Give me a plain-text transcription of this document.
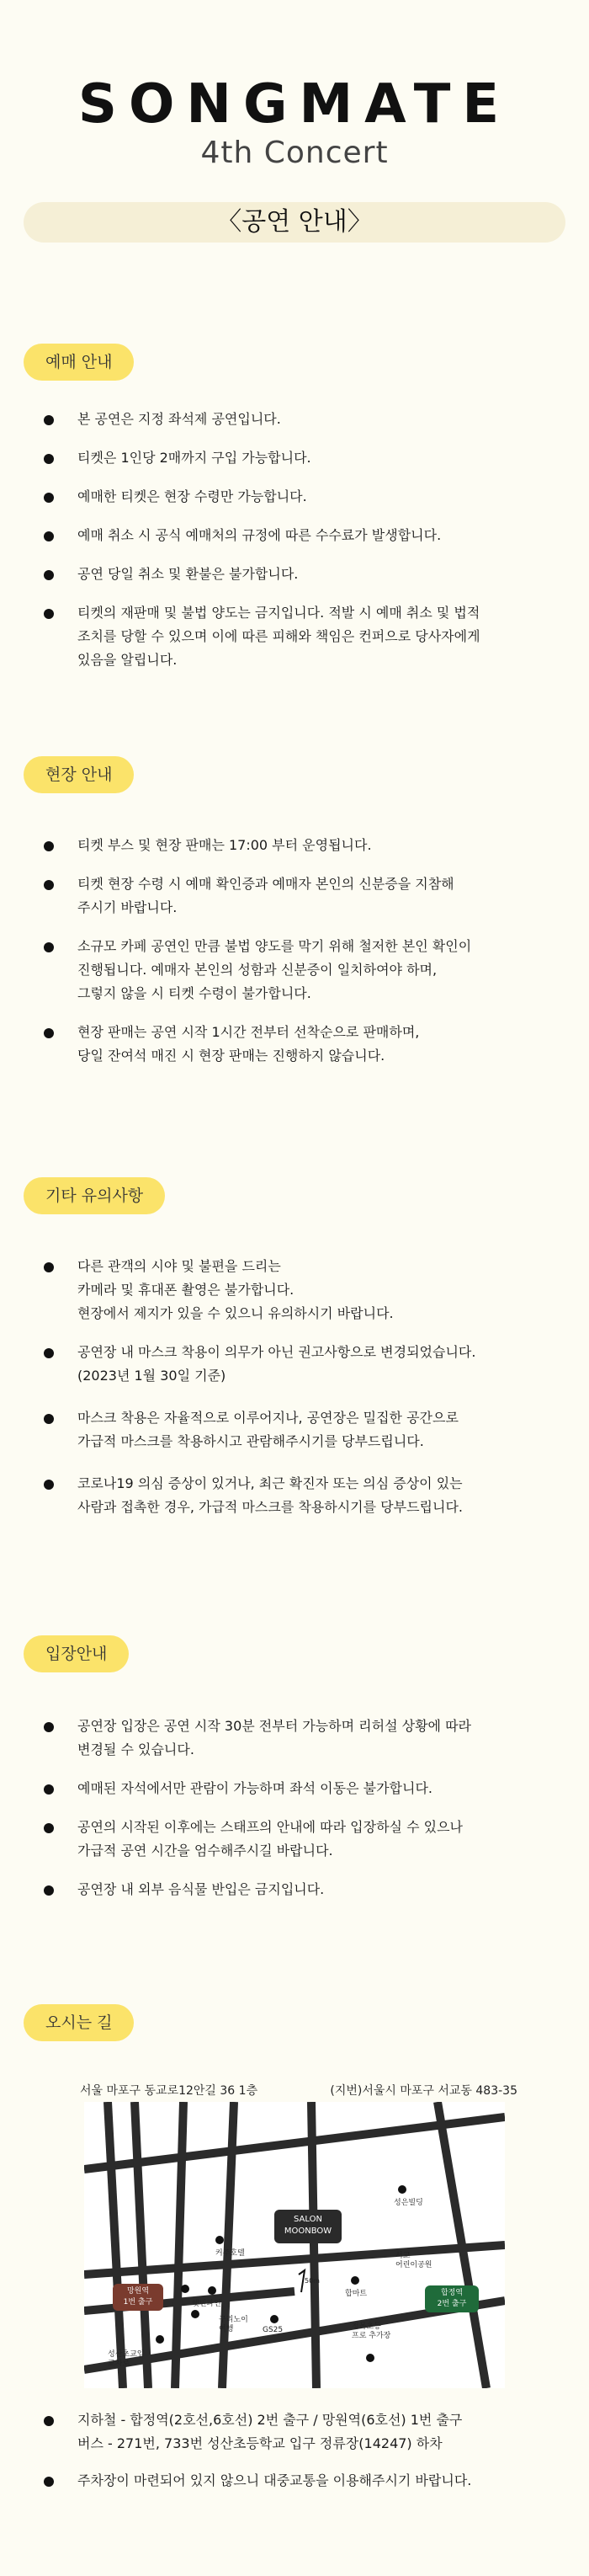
SONGMATE
4th Concert
〈공연 안내〉
예매 안내
본 공연은 지정 좌석제 공연입니다.
티켓은 1인당 2매까지 구입 가능합니다.
예매한 티켓은 현장 수령만 가능합니다.
예매 취소 시 공식 예매처의 규정에 따른 수수료가 발생합니다.
공연 당일 취소 및 환불은 불가합니다.
티켓의 재판매 및 불법 양도는 금지입니다. 적발 시 예매 취소 및 법적
조치를 당할 수 있으며 이에 따른 피해와 책임은 컨퍼으로 당사자에게
있음을 알립니다.
현장 안내
티켓 부스 및 현장 판매는 17:00 부터 운영됩니다.
티켓 현장 수령 시 예매 확인증과 예매자 본인의 신분증을 지참해
주시기 바랍니다.
소규모 카페 공연인 만큼 불법 양도를 막기 위해 철저한 본인 확인이
진행됩니다. 예매자 본인의 성함과 신분증이 일치하여야 하며,
그렇지 않을 시 티켓 수령이 불가합니다.
현장 판매는 공연 시작 1시간 전부터 선착순으로 판매하며,
당일 잔여석 매진 시 현장 판매는 진행하지 않습니다.
기타 유의사항
다른 관객의 시야 및 불편을 드리는
카메라 및 휴대폰 촬영은 불가합니다.
현장에서 제지가 있을 수 있으니 유의하시기 바랍니다.
공연장 내 마스크 착용이 의무가 아닌 권고사항으로 변경되었습니다.
(2023년 1월 30일 기준)
마스크 착용은 자율적으로 이루어지나, 공연장은 밀집한 공간으로
가급적 마스크를 착용하시고 관람해주시기를 당부드립니다.
코로나19 의심 증상이 있거나, 최근 확진자 또는 의심 증상이 있는
사람과 접촉한 경우, 가급적 마스크를 착용하시기를 당부드립니다.
입장안내
공연장 입장은 공연 시작 30분 전부터 가능하며 리허설 상황에 따라
변경될 수 있습니다.
예매된 자석에서만 관람이 가능하며 좌석 이동은 불가합니다.
공연의 시작된 이후에는 스태프의 안내에 따라 입장하실 수 있으나
가급적 공연 시간을 엄수해주시길 바랍니다.
공연장 내 외부 음식물 반입은 금지입니다.
오시는 길
서울 마포구 동교로12안길 36 1층	(지번)서울시 마포구 서교동 483-35
SALON
MOONBOW
망원역
1번 출구
합정역
2번 출구
성은빌딩
커주호텔	서교
어린이공원
햇빈파인
구리노이
여행	GS25
합마트
청목초등
프로 추가장
성산초교입
교차로
50m
지하철 - 합정역(2호선,6호선) 2번 출구 / 망원역(6호선) 1번 출구
버스 - 271번, 733번 성산초등학교 입구 정류장(14247) 하차
주차장이 마련되어 있지 않으니 대중교통을 이용해주시기 바랍니다.
